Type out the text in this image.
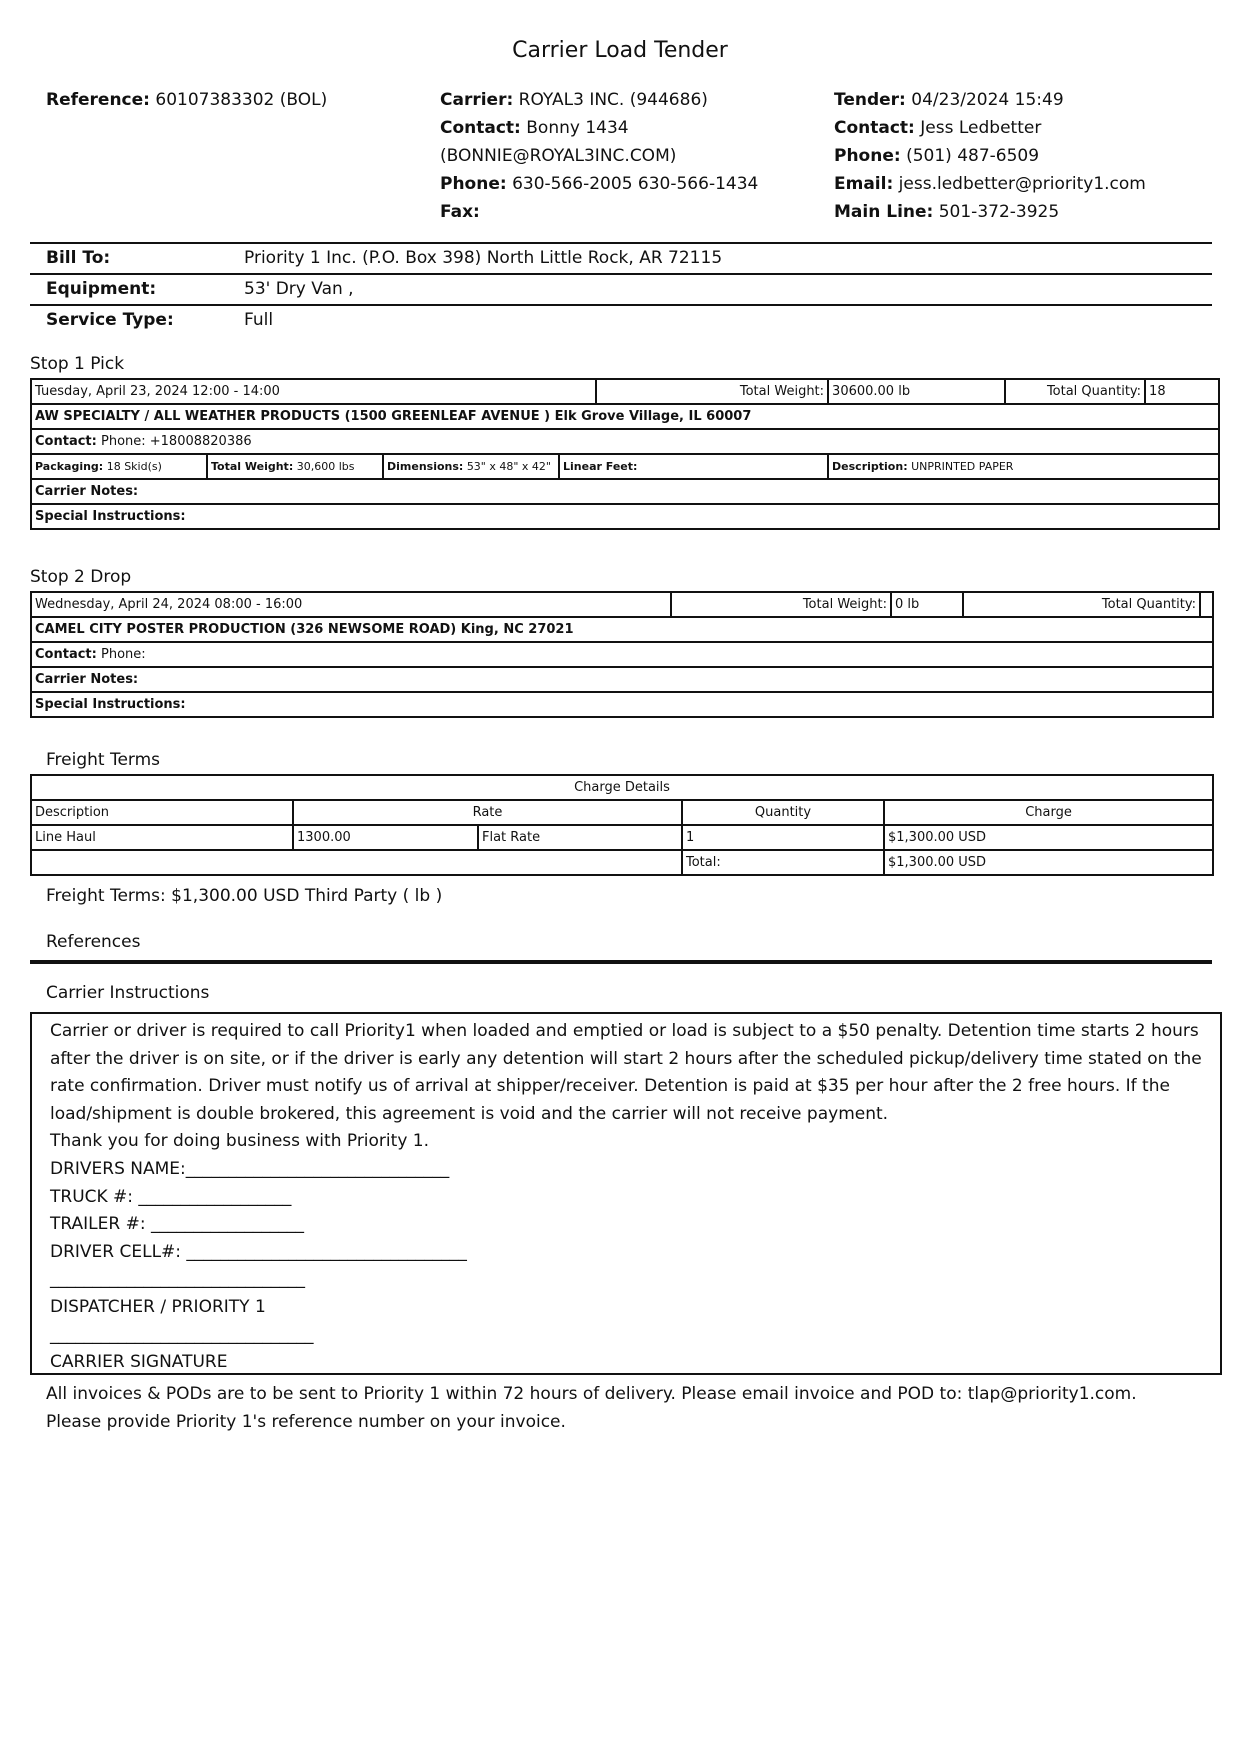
Carrier Load Tender
Reference: 60107383302 (BOL)	Carrier: ROYAL3 INC. (944686)
Contact: Bonny 1434
(BONNIE@ROYAL3INC.COM)
Phone: 630-566-2005 630-566-1434
Fax:
Tender: 04/23/2024 15:49
Contact: Jess Ledbetter
Phone: (501) 487-6509
Email: jess.ledbetter@priority1.com
Main Line: 501-372-3925
Bill To:	Priority 1 Inc. (P.O. Box 398) North Little Rock, AR 72115
Equipment:	53' Dry Van ,
Service Type:	Full
Stop 1 Pick
Tuesday, April 23, 2024 12:00 - 14:00				Total Weight:	30600.00 lb	Total Quantity:	18
AW SPECIALTY / ALL WEATHER PRODUCTS (1500 GREENLEAF AVENUE ) Elk Grove Village, IL 60007							
Contact: Phone: +18008820386							
Packaging: 18 Skid(s)	Total Weight: 30,600 lbs	Dimensions: 53" x 48" x 42"	Linear Feet:		Description: UNPRINTED PAPER		
Carrier Notes:							
Special Instructions:							
Stop 2 Drop
Wednesday, April 24, 2024 08:00 - 16:00	Total Weight:	0 lb	Total Quantity:	
CAMEL CITY POSTER PRODUCTION (326 NEWSOME ROAD) King, NC 27021
Contact: Phone:
Carrier Notes:
Special Instructions:
Freight Terms
Charge Details				
Description	Rate		Quantity	Charge
Line Haul	1300.00	Flat Rate	1	$1,300.00 USD
			Total:	$1,300.00 USD
Freight Terms: $1,300.00 USD Third Party ( lb )
References
Carrier Instructions
Carrier or driver is required to call Priority1 when loaded and emptied or load is subject to a $50 penalty. Detention time starts 2 hours after the driver is on site, or if the driver is early any detention will start 2 hours after the scheduled pickup/delivery time stated on the rate confirmation. Driver must notify us of arrival at shipper/receiver. Detention is paid at $35 per hour after the 2 free hours. If the load/shipment is double brokered, this agreement is void and the carrier will not receive payment.
Thank you for doing business with Priority 1.
DRIVERS NAME:_______________________________
TRUCK #: __________________
TRAILER #: __________________
DRIVER CELL#: _________________________________
______________________________
DISPATCHER / PRIORITY 1
_______________________________
CARRIER SIGNATURE
All invoices & PODs are to be sent to Priority 1 within 72 hours of delivery. Please email invoice and POD to: tlap@priority1.com. Please provide Priority 1's reference number on your invoice.
